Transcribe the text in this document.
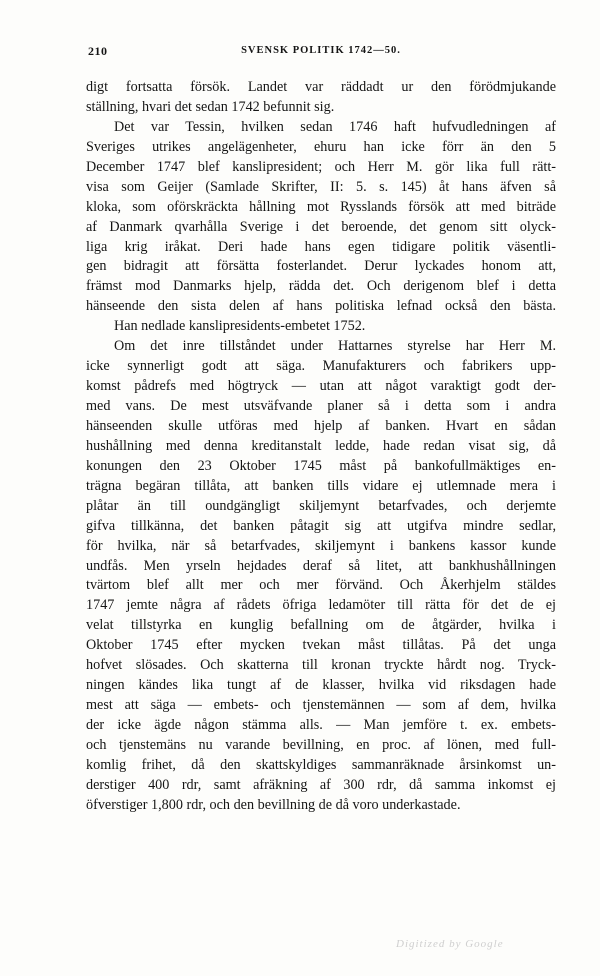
210	SVENSK POLITIK 1742—50.
digt fortsatta försök. Landet var räddadt ur den förödmjukande
ställning, hvari det sedan 1742 befunnit sig.
Det var Tessin, hvilken sedan 1746 haft hufvudledningen af
Sveriges utrikes angelägenheter, ehuru han icke förr än den 5
December 1747 blef kanslipresident; och Herr M. gör lika full rätt-
visa som Geijer (Samlade Skrifter, II: 5. s. 145) åt hans äfven så
kloka, som oförskräckta hållning mot Rysslands försök att med biträde
af Danmark qvarhålla Sverige i det beroende, det genom sitt olyck-
liga krig iråkat. Deri hade hans egen tidigare politik väsentli-
gen bidragit att försätta fosterlandet. Derur lyckades honom att,
främst mod Danmarks hjelp, rädda det. Och derigenom blef i detta
hänseende den sista delen af hans politiska lefnad också den bästa.
Han nedlade kanslipresidents-embetet 1752.
Om det inre tillståndet under Hattarnes styrelse har Herr M.
icke synnerligt godt att säga. Manufakturers och fabrikers upp-
komst pådrefs med högtryck — utan att något varaktigt godt der-
med vans. De mest utsväfvande planer så i detta som i andra
hänseenden skulle utföras med hjelp af banken. Hvart en sådan
hushållning med denna kreditanstalt ledde, hade redan visat sig, då
konungen den 23 Oktober 1745 måst på bankofullmäktiges en-
trägna begäran tillåta, att banken tills vidare ej utlemnade mera i
plåtar än till oundgängligt skiljemynt betarfvades, och derjemte
gifva tillkänna, det banken påtagit sig att utgifva mindre sedlar,
för hvilka, när så betarfvades, skiljemynt i bankens kassor kunde
undfås. Men yrseln hejdades deraf så litet, att bankhushållningen
tvärtom blef allt mer och mer förvänd. Och Åkerhjelm stäldes
1747 jemte några af rådets öfriga ledamöter till rätta för det de ej
velat tillstyrka en kunglig befallning om de åtgärder, hvilka i
Oktober 1745 efter mycken tvekan måst tillåtas. På det unga
hofvet slösades. Och skatterna till kronan tryckte hårdt nog. Tryck-
ningen kändes lika tungt af de klasser, hvilka vid riksdagen hade
mest att säga — embets- och tjenstemännen — som af dem, hvilka
der icke ägde någon stämma alls. — Man jemföre t. ex. embets-
och tjenstemäns nu varande bevillning, en proc. af lönen, med full-
komlig frihet, då den skattskyldiges sammanräknade årsinkomst un-
derstiger 400 rdr, samt afräkning af 300 rdr, då samma inkomst ej
öfverstiger 1,800 rdr, och den bevillning de då voro underkastade.
Digitized by Google
